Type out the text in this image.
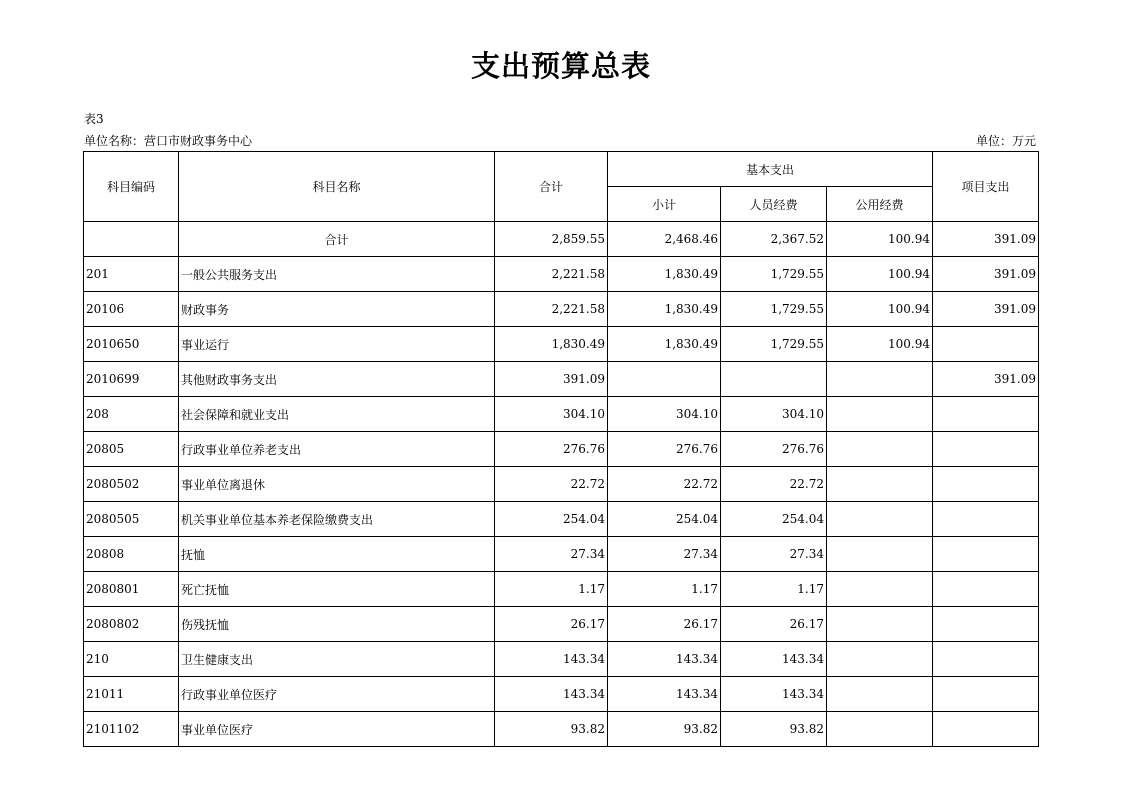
支出预算总表
表3
单位名称：营口市财政事务中心	单位：万元
科目编码	科目名称	合计	基本支出			项目支出
			小计	人员经费	公用经费	
	合计	2,859.55	2,468.46	2,367.52	100.94	391.09
201	一般公共服务支出	2,221.58	1,830.49	1,729.55	100.94	391.09
20106	财政事务	2,221.58	1,830.49	1,729.55	100.94	391.09
2010650	事业运行	1,830.49	1,830.49	1,729.55	100.94	
2010699	其他财政事务支出	391.09				391.09
208	社会保障和就业支出	304.10	304.10	304.10		
20805	行政事业单位养老支出	276.76	276.76	276.76		
2080502	事业单位离退休	22.72	22.72	22.72		
2080505	机关事业单位基本养老保险缴费支出	254.04	254.04	254.04		
20808	抚恤	27.34	27.34	27.34		
2080801	死亡抚恤	1.17	1.17	1.17		
2080802	伤残抚恤	26.17	26.17	26.17		
210	卫生健康支出	143.34	143.34	143.34		
21011	行政事业单位医疗	143.34	143.34	143.34		
2101102	事业单位医疗	93.82	93.82	93.82		
